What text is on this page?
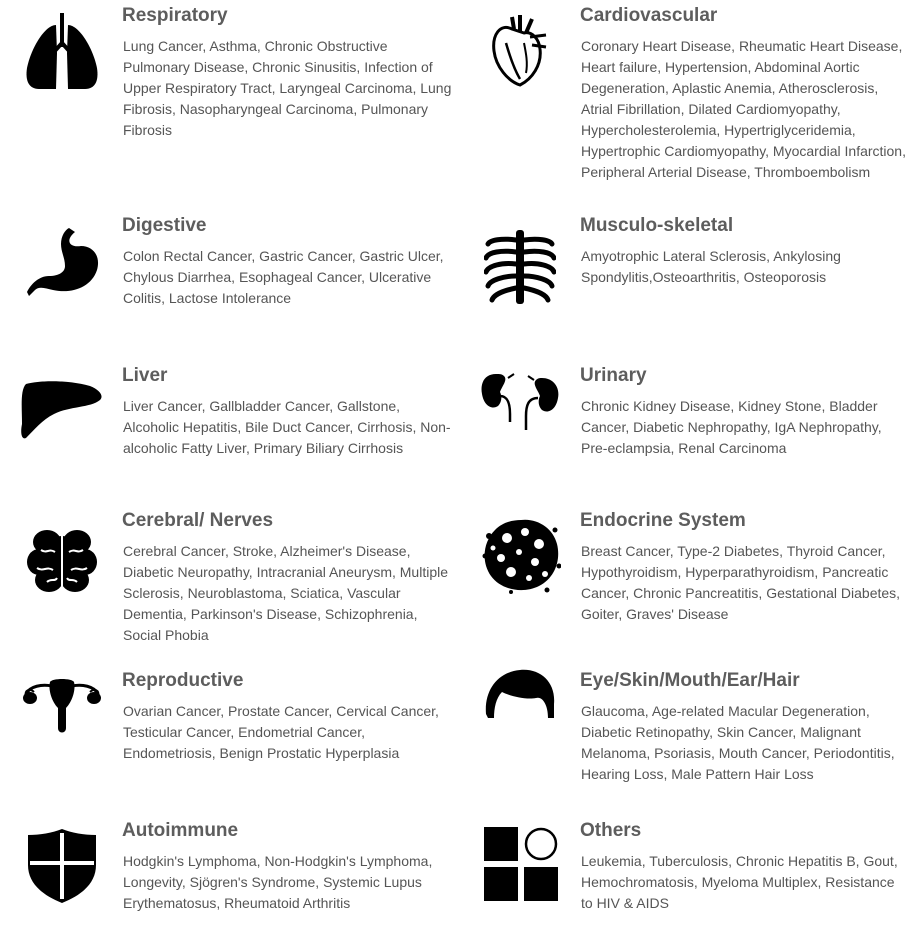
Respiratory
Lung Cancer, Asthma, Chronic Obstructive Pulmonary Disease, Chronic Sinusitis, Infection of Upper Respiratory Tract, Laryngeal Carcinoma, Lung Fibrosis, Nasopharyngeal Carcinoma, Pulmonary Fibrosis
Cardiovascular
Coronary Heart Disease, Rheumatic Heart Disease, Heart failure, Hypertension, Abdominal Aortic Degeneration, Aplastic Anemia, Atherosclerosis, Atrial Fibrillation, Dilated Cardiomyopathy, Hypercholesterolemia, Hypertriglyceridemia, Hypertrophic Cardiomyopathy, Myocardial Infarction, Peripheral Arterial Disease, Thromboembolism
Digestive
Colon Rectal Cancer, Gastric Cancer, Gastric Ulcer, Chylous Diarrhea, Esophageal Cancer, Ulcerative Colitis, Lactose Intolerance
Musculo-skeletal
Amyotrophic Lateral Sclerosis, Ankylosing Spondylitis,Osteoarthritis, Osteoporosis
Liver
Liver Cancer, Gallbladder Cancer, Gallstone, Alcoholic Hepatitis, Bile Duct Cancer, Cirrhosis, Non-alcoholic Fatty Liver, Primary Biliary Cirrhosis
Urinary
Chronic Kidney Disease, Kidney Stone, Bladder Cancer, Diabetic Nephropathy, IgA Nephropathy, Pre-eclampsia, Renal Carcinoma
Cerebral/ Nerves
Cerebral Cancer, Stroke, Alzheimer's Disease, Diabetic Neuropathy, Intracranial Aneurysm, Multiple Sclerosis, Neuroblastoma, Sciatica, Vascular Dementia, Parkinson's Disease, Schizophrenia, Social Phobia
Endocrine System
Breast Cancer, Type-2 Diabetes, Thyroid Cancer, Hypothyroidism, Hyperparathyroidism, Pancreatic Cancer, Chronic Pancreatitis, Gestational Diabetes, Goiter, Graves' Disease
Reproductive
Ovarian Cancer, Prostate Cancer, Cervical Cancer, Testicular Cancer, Endometrial Cancer, Endometriosis, Benign Prostatic Hyperplasia
Eye/Skin/Mouth/Ear/Hair
Glaucoma, Age-related Macular Degeneration, Diabetic Retinopathy, Skin Cancer, Malignant Melanoma, Psoriasis, Mouth Cancer, Periodontitis, Hearing Loss, Male Pattern Hair Loss
Autoimmune
Hodgkin's Lymphoma, Non-Hodgkin's Lymphoma, Longevity, Sjögren's Syndrome, Systemic Lupus Erythematosus, Rheumatoid Arthritis
Others
Leukemia, Tuberculosis, Chronic Hepatitis B, Gout, Hemochromatosis, Myeloma Multiplex, Resistance to HIV & AIDS
